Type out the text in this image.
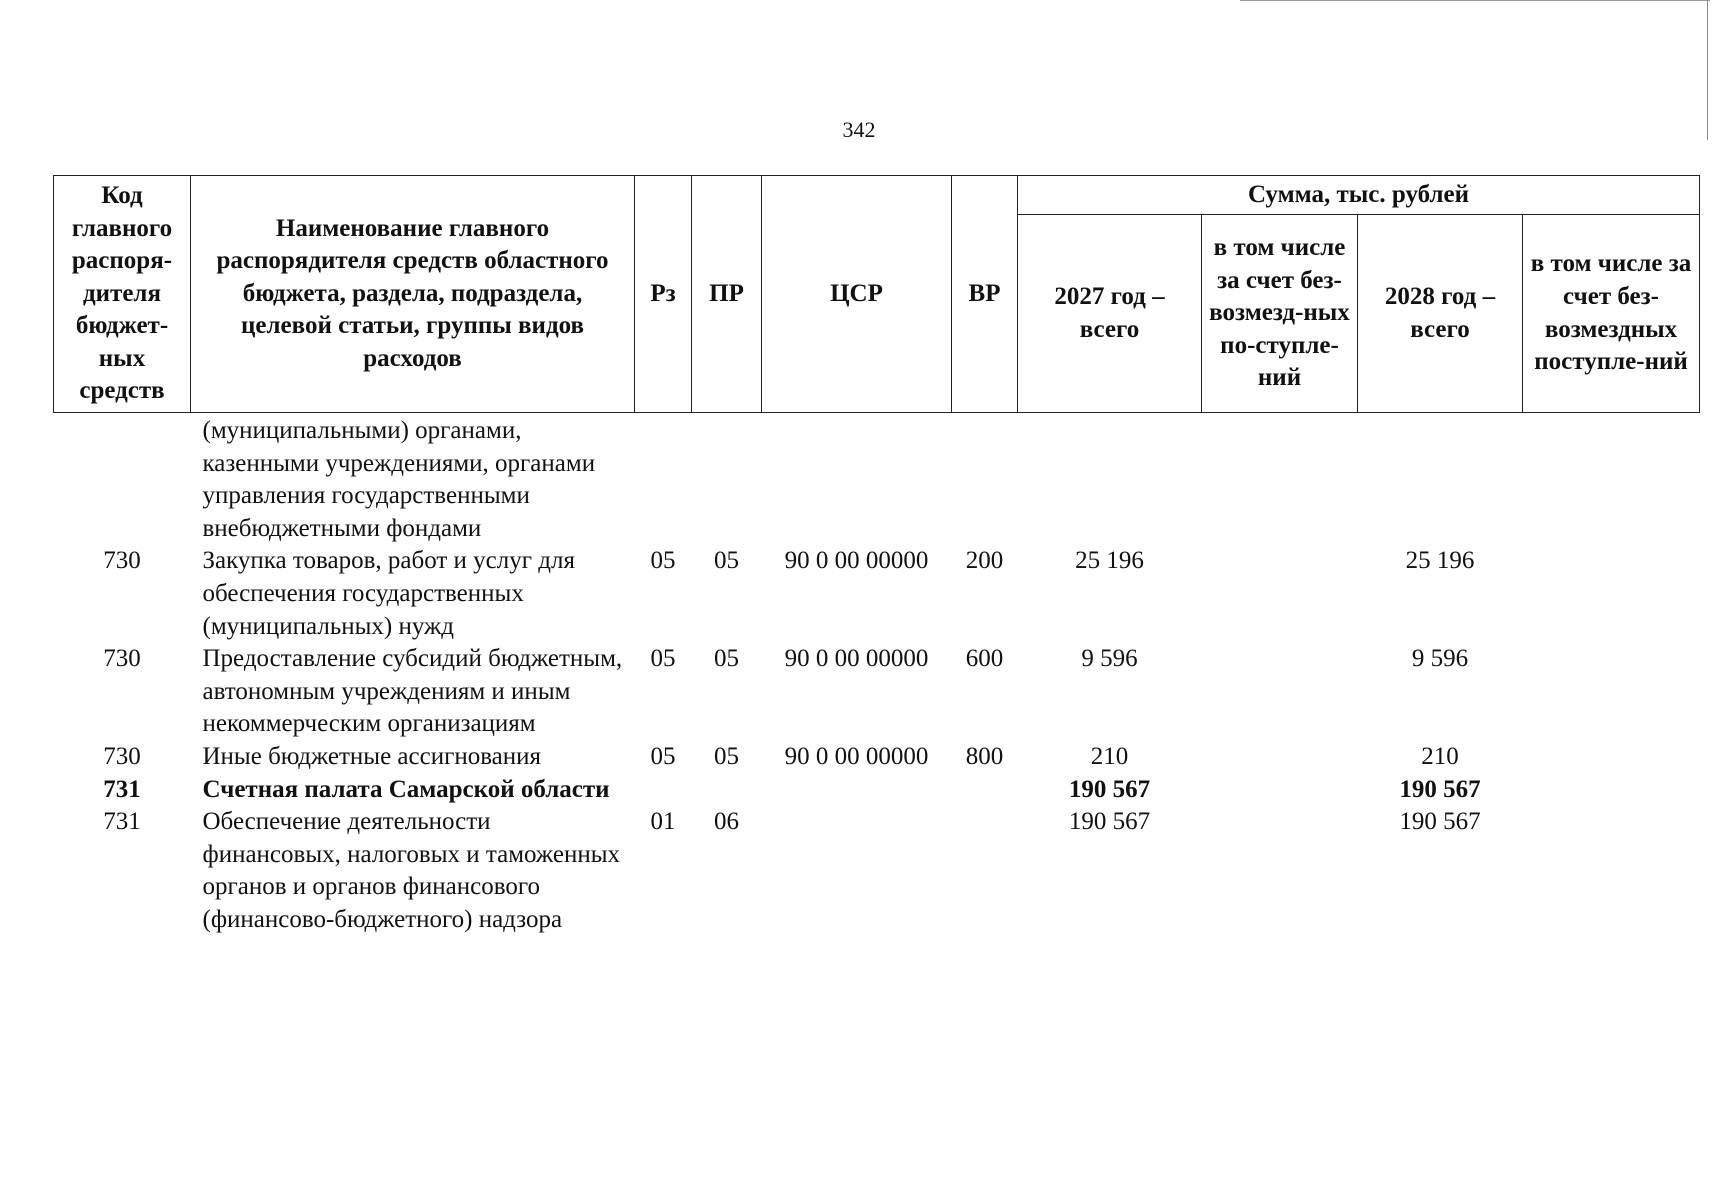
342
Код главного распоря-дителя бюджет-ных средств	Наименование главного распорядителя средств областного бюджета, раздела, подраздела, целевой статьи, группы видов расходов	Рз	ПР	ЦСР	ВР	Сумма, тыс. рублей			
						2027 год – всего	в том числе за счет без-возмезд-ных по-ступле-ний	2028 год – всего	в том числе за счет без-возмездных поступле-ний
	(муниципальными) органами, казенными учреждениями, органами управления государственными внебюджетными фондами								
730	Закупка товаров, работ и услуг для обеспечения государственных (муниципальных) нужд	05	05	90 0 00 00000	200	25 196		25 196	
730	Предоставление субсидий бюджетным, автономным учреждениям и иным некоммерческим организациям	05	05	90 0 00 00000	600	9 596		9 596	
730	Иные бюджетные ассигнования	05	05	90 0 00 00000	800	210		210	
731	Счетная палата Самарской области					190 567		190 567	
731	Обеспечение деятельности финансовых, налоговых и таможенных органов и органов финансового (финансово-бюджетного) надзора	01	06			190 567		190 567	
